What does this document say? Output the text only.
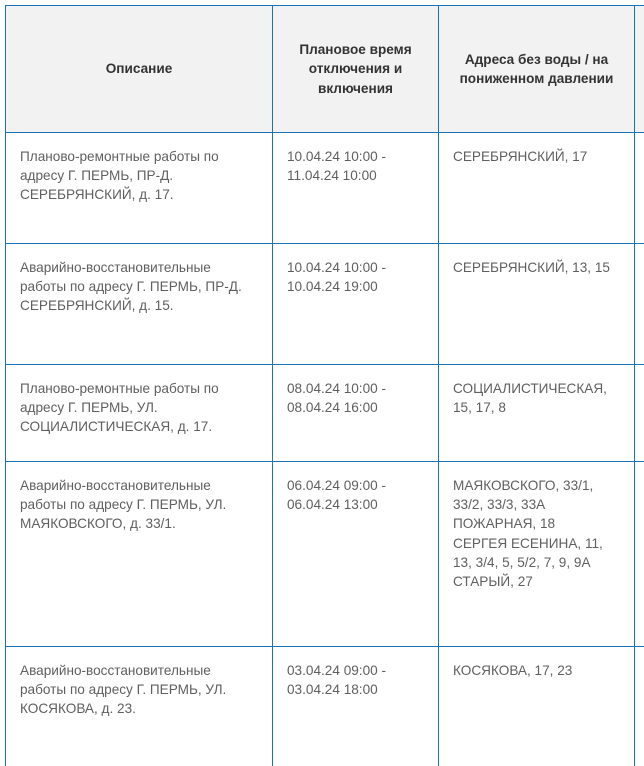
Описание	Плановое время отключения и включения	Адреса без воды / на пониженном давлении	
Планово-ремонтные работы по адресу Г. ПЕРМЬ, ПР-Д. СЕРЕБРЯНСКИЙ, д. 17.	10.04.24 10:00 - 11.04.24 10:00	СЕРЕБРЯНСКИЙ, 17	

Аварийно-восстановительные работы по адресу Г. ПЕРМЬ, ПР-Д. СЕРЕБРЯНСКИЙ, д. 15.	10.04.24 10:00 - 10.04.24 19:00	СЕРЕБРЯНСКИЙ, 13, 15	

Планово-ремонтные работы по адресу Г. ПЕРМЬ, УЛ. СОЦИАЛИСТИЧЕСКАЯ, д. 17.	08.04.24 10:00 - 08.04.24 16:00	СОЦИАЛИСТИЧЕСКАЯ, 15, 17, 8	

Аварийно-восстановительные работы по адресу Г. ПЕРМЬ, УЛ. МАЯКОВСКОГО, д. 33/1.	06.04.24 09:00 - 06.04.24 13:00	МАЯКОВСКОГО, 33/1, 33/2, 33/3, 33А
ПОЖАРНАЯ, 18
СЕРГЕЯ ЕСЕНИНА, 11, 13, 3/4, 5, 5/2, 7, 9, 9А
СТАРЫЙ, 27	

Аварийно-восстановительные работы по адресу Г. ПЕРМЬ, УЛ. КОСЯКОВА, д. 23.	03.04.24 09:00 - 03.04.24 18:00	КОСЯКОВА, 17, 23	
